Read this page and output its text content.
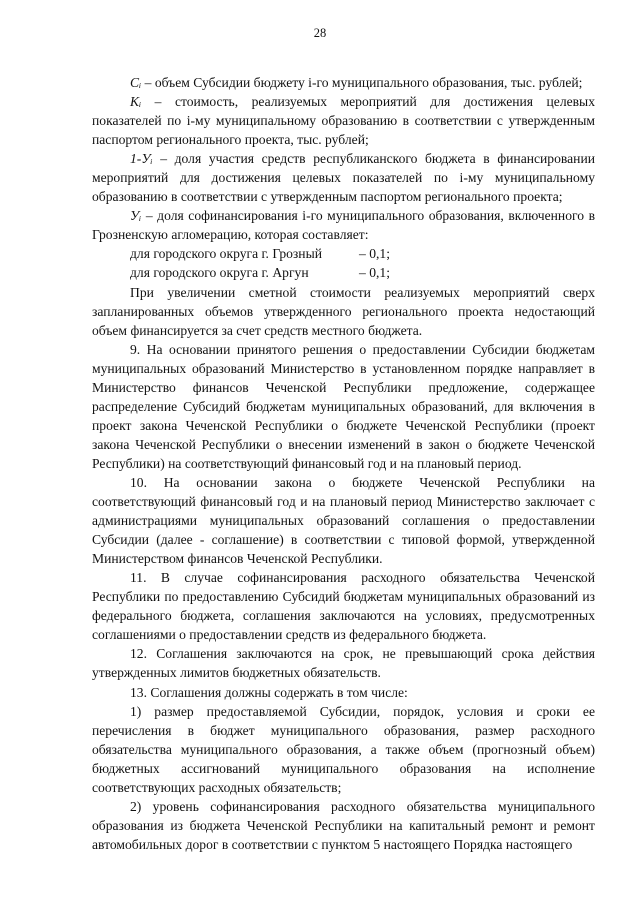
28

Cᵢ – объем Субсидии бюджету i-го муниципального образования, тыс. рублей;

Kᵢ – стоимость, реализуемых мероприятий для достижения целевых показателей по i-му муниципальному образованию в соответствии с утвержденным паспортом регионального проекта, тыс. рублей;

1-Уᵢ – доля участия средств республиканского бюджета в финансировании мероприятий для достижения целевых показателей по i-му муниципальному образованию в соответствии с утвержденным паспортом регионального проекта;

Уᵢ – доля софинансирования i-го муниципального образования, включенного в Грозненскую агломерацию, которая составляет:

для городского округа г. Грозный	– 0,1;
для городского округа г. Аргун	– 0,1;

При увеличении сметной стоимости реализуемых мероприятий сверх запланированных объемов утвержденного регионального проекта недостающий объем финансируется за счет средств местного бюджета.

9. На основании принятого решения о предоставлении Субсидии бюджетам муниципальных образований Министерство в установленном порядке направляет в Министерство финансов Чеченской Республики предложение, содержащее распределение Субсидий бюджетам муниципальных образований, для включения в проект закона Чеченской Республики о бюджете Чеченской Республики (проект закона Чеченской Республики о внесении изменений в закон о бюджете Чеченской Республики) на соответствующий финансовый год и на плановый период.

10. На основании закона о бюджете Чеченской Республики на соответствующий финансовый год и на плановый период Министерство заключает с администрациями муниципальных образований соглашения о предоставлении Субсидии (далее - соглашение) в соответствии с типовой формой, утвержденной Министерством финансов Чеченской Республики.

11. В случае софинансирования расходного обязательства Чеченской Республики по предоставлению Субсидий бюджетам муниципальных образований из федерального бюджета, соглашения заключаются на условиях, предусмотренных соглашениями о предоставлении средств из федерального бюджета.

12. Соглашения заключаются на срок, не превышающий срока действия утвержденных лимитов бюджетных обязательств.

13. Соглашения должны содержать в том числе:

1) размер предоставляемой Субсидии, порядок, условия и сроки ее перечисления в бюджет муниципального образования, размер расходного обязательства муниципального образования, а также объем (прогнозный объем) бюджетных ассигнований муниципального образования на исполнение соответствующих расходных обязательств;

2) уровень софинансирования расходного обязательства муниципального образования из бюджета Чеченской Республики на капитальный ремонт и ремонт автомобильных дорог в соответствии с пунктом 5 настоящего Порядка настоящего
